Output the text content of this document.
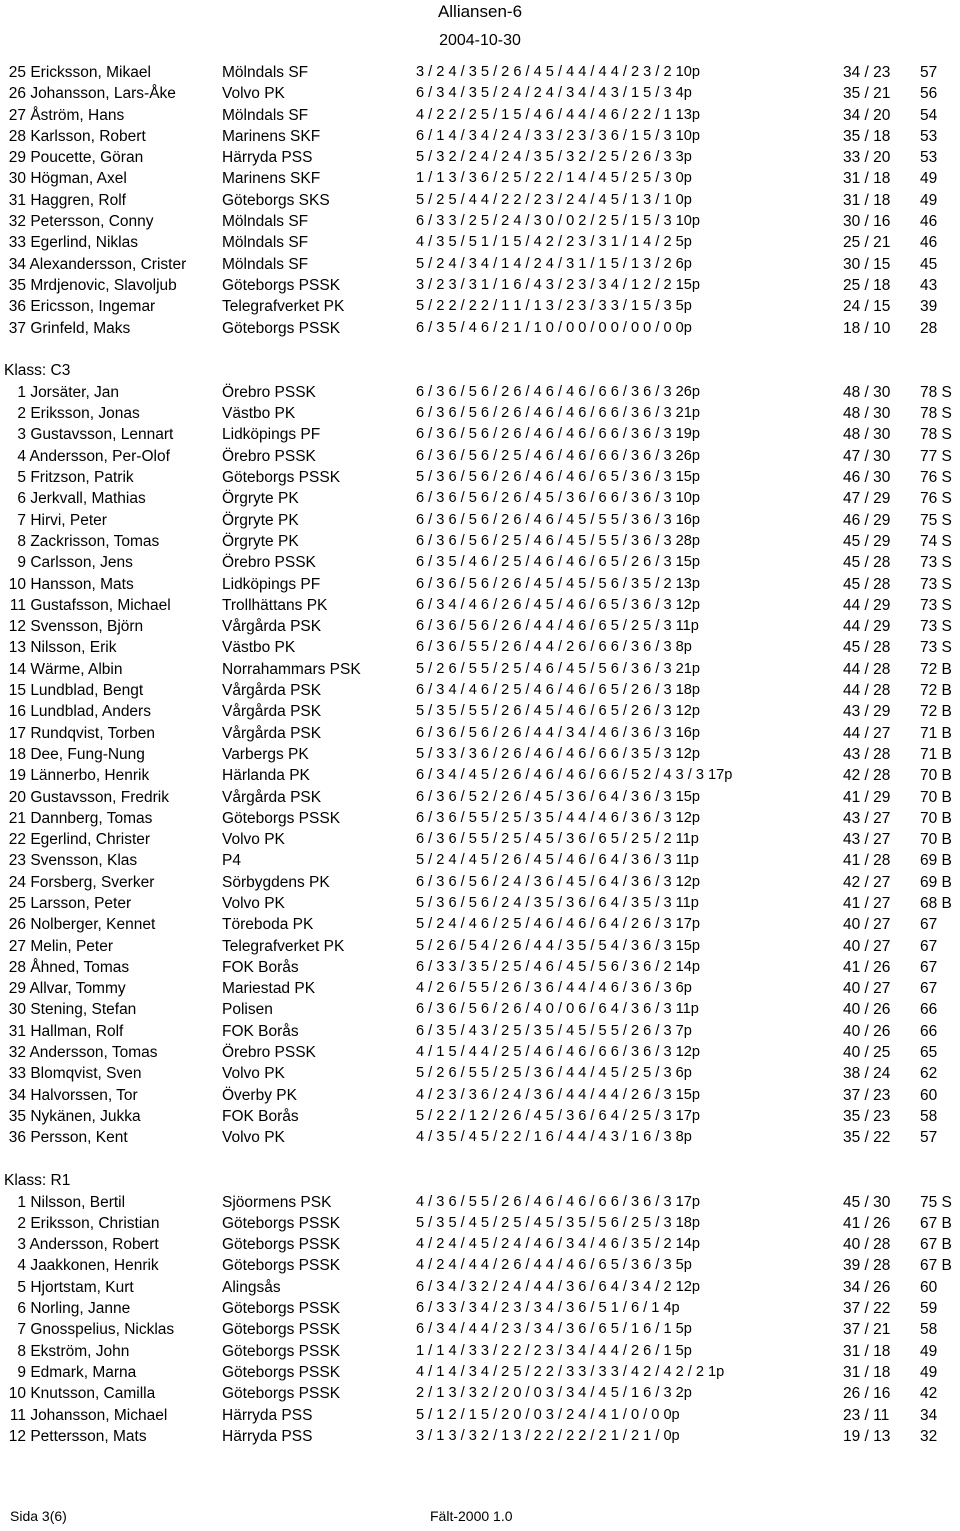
Alliansen-6
2004-10-30
25 Ericksson, Mikael	Mölndals SF	3 / 2 4 / 3 5 / 2 6 / 4 5 / 4 4 / 4 4 / 2 3 / 2 10p	34 / 23	57
26 Johansson, Lars-Åke	Volvo PK	6 / 3 4 / 3 5 / 2 4 / 2 4 / 3 4 / 4 3 / 1 5 / 3 4p	35 / 21	56
27 Åström, Hans	Mölndals SF	4 / 2 2 / 2 5 / 1 5 / 4 6 / 4 4 / 4 6 / 2 2 / 1 13p	34 / 20	54
28 Karlsson, Robert	Marinens SKF	6 / 1 4 / 3 4 / 2 4 / 3 3 / 2 3 / 3 6 / 1 5 / 3 10p	35 / 18	53
29 Poucette, Göran	Härryda PSS	5 / 3 2 / 2 4 / 2 4 / 3 5 / 3 2 / 2 5 / 2 6 / 3 3p	33 / 20	53
30 Högman, Axel	Marinens SKF	1 / 1 3 / 3 6 / 2 5 / 2 2 / 1 4 / 4 5 / 2 5 / 3 0p	31 / 18	49
31 Haggren, Rolf	Göteborgs SKS	5 / 2 5 / 4 4 / 2 2 / 2 3 / 2 4 / 4 5 / 1 3 / 1 0p	31 / 18	49
32 Petersson, Conny	Mölndals SF	6 / 3 3 / 2 5 / 2 4 / 3 0 / 0 2 / 2 5 / 1 5 / 3 10p	30 / 16	46
33 Egerlind, Niklas	Mölndals SF	4 / 3 5 / 5 1 / 1 5 / 4 2 / 2 3 / 3 1 / 1 4 / 2 5p	25 / 21	46
34 Alexandersson, Crister	Mölndals SF	5 / 2 4 / 3 4 / 1 4 / 2 4 / 3 1 / 1 5 / 1 3 / 2 6p	30 / 15	45
35 Mrdjenovic, Slavoljub	Göteborgs PSSK	3 / 2 3 / 3 1 / 1 6 / 4 3 / 2 3 / 3 4 / 1 2 / 2 15p	25 / 18	43
36 Ericsson, Ingemar	Telegrafverket PK	5 / 2 2 / 2 2 / 1 1 / 1 3 / 2 3 / 3 3 / 1 5 / 3 5p	24 / 15	39
37 Grinfeld, Maks	Göteborgs PSSK	6 / 3 5 / 4 6 / 2 1 / 1 0 / 0 0 / 0 0 / 0 0 / 0 0p	18 / 10	28
Klass: C3
1 Jorsäter, Jan	Örebro PSSK	6 / 3 6 / 5 6 / 2 6 / 4 6 / 4 6 / 6 6 / 3 6 / 3 26p	48 / 30	78 S
2 Eriksson, Jonas	Västbo PK	6 / 3 6 / 5 6 / 2 6 / 4 6 / 4 6 / 6 6 / 3 6 / 3 21p	48 / 30	78 S
3 Gustavsson, Lennart	Lidköpings PF	6 / 3 6 / 5 6 / 2 6 / 4 6 / 4 6 / 6 6 / 3 6 / 3 19p	48 / 30	78 S
4 Andersson, Per-Olof	Örebro PSSK	6 / 3 6 / 5 6 / 2 5 / 4 6 / 4 6 / 6 6 / 3 6 / 3 26p	47 / 30	77 S
5 Fritzson, Patrik	Göteborgs PSSK	5 / 3 6 / 5 6 / 2 6 / 4 6 / 4 6 / 6 5 / 3 6 / 3 15p	46 / 30	76 S
6 Jerkvall, Mathias	Örgryte PK	6 / 3 6 / 5 6 / 2 6 / 4 5 / 3 6 / 6 6 / 3 6 / 3 10p	47 / 29	76 S
7 Hirvi, Peter	Örgryte PK	6 / 3 6 / 5 6 / 2 6 / 4 6 / 4 5 / 5 5 / 3 6 / 3 16p	46 / 29	75 S
8 Zackrisson, Tomas	Örgryte PK	6 / 3 6 / 5 6 / 2 5 / 4 6 / 4 5 / 5 5 / 3 6 / 3 28p	45 / 29	74 S
9 Carlsson, Jens	Örebro PSSK	6 / 3 5 / 4 6 / 2 5 / 4 6 / 4 6 / 6 5 / 2 6 / 3 15p	45 / 28	73 S
10 Hansson, Mats	Lidköpings PF	6 / 3 6 / 5 6 / 2 6 / 4 5 / 4 5 / 5 6 / 3 5 / 2 13p	45 / 28	73 S
11 Gustafsson, Michael	Trollhättans PK	6 / 3 4 / 4 6 / 2 6 / 4 5 / 4 6 / 6 5 / 3 6 / 3 12p	44 / 29	73 S
12 Svensson, Björn	Vårgårda PSK	6 / 3 6 / 5 6 / 2 6 / 4 4 / 4 6 / 6 5 / 2 5 / 3 11p	44 / 29	73 S
13 Nilsson, Erik	Västbo PK	6 / 3 6 / 5 5 / 2 6 / 4 4 / 2 6 / 6 6 / 3 6 / 3 8p	45 / 28	73 S
14 Wärme, Albin	Norrahammars PSK	5 / 2 6 / 5 5 / 2 5 / 4 6 / 4 5 / 5 6 / 3 6 / 3 21p	44 / 28	72 B
15 Lundblad, Bengt	Vårgårda PSK	6 / 3 4 / 4 6 / 2 5 / 4 6 / 4 6 / 6 5 / 2 6 / 3 18p	44 / 28	72 B
16 Lundblad, Anders	Vårgårda PSK	5 / 3 5 / 5 5 / 2 6 / 4 5 / 4 6 / 6 5 / 2 6 / 3 12p	43 / 29	72 B
17 Rundqvist, Torben	Vårgårda PSK	6 / 3 6 / 5 6 / 2 6 / 4 4 / 3 4 / 4 6 / 3 6 / 3 16p	44 / 27	71 B
18 Dee, Fung-Nung	Varbergs PK	5 / 3 3 / 3 6 / 2 6 / 4 6 / 4 6 / 6 6 / 3 5 / 3 12p	43 / 28	71 B
19 Lännerbo, Henrik	Härlanda PK	6 / 3 4 / 4 5 / 2 6 / 4 6 / 4 6 / 6 6 / 5 2 / 4 3 / 3 17p	42 / 28	70 B
20 Gustavsson, Fredrik	Vårgårda PSK	6 / 3 6 / 5 2 / 2 6 / 4 5 / 3 6 / 6 4 / 3 6 / 3 15p	41 / 29	70 B
21 Dannberg, Tomas	Göteborgs PSSK	6 / 3 6 / 5 5 / 2 5 / 3 5 / 4 4 / 4 6 / 3 6 / 3 12p	43 / 27	70 B
22 Egerlind, Christer	Volvo PK	6 / 3 6 / 5 5 / 2 5 / 4 5 / 3 6 / 6 5 / 2 5 / 2 11p	43 / 27	70 B
23 Svensson, Klas	P4	5 / 2 4 / 4 5 / 2 6 / 4 5 / 4 6 / 6 4 / 3 6 / 3 11p	41 / 28	69 B
24 Forsberg, Sverker	Sörbygdens PK	6 / 3 6 / 5 6 / 2 4 / 3 6 / 4 5 / 6 4 / 3 6 / 3 12p	42 / 27	69 B
25 Larsson, Peter	Volvo PK	5 / 3 6 / 5 6 / 2 4 / 3 5 / 3 6 / 6 4 / 3 5 / 3 11p	41 / 27	68 B
26 Nolberger, Kennet	Töreboda PK	5 / 2 4 / 4 6 / 2 5 / 4 6 / 4 6 / 6 4 / 2 6 / 3 17p	40 / 27	67
27 Melin, Peter	Telegrafverket PK	5 / 2 6 / 5 4 / 2 6 / 4 4 / 3 5 / 5 4 / 3 6 / 3 15p	40 / 27	67
28 Åhned, Tomas	FOK Borås	6 / 3 3 / 3 5 / 2 5 / 4 6 / 4 5 / 5 6 / 3 6 / 2 14p	41 / 26	67
29 Allvar, Tommy	Mariestad PK	4 / 2 6 / 5 5 / 2 6 / 3 6 / 4 4 / 4 6 / 3 6 / 3 6p	40 / 27	67
30 Stening, Stefan	Polisen	6 / 3 6 / 5 6 / 2 6 / 4 0 / 0 6 / 6 4 / 3 6 / 3 11p	40 / 26	66
31 Hallman, Rolf	FOK Borås	6 / 3 5 / 4 3 / 2 5 / 3 5 / 4 5 / 5 5 / 2 6 / 3 7p	40 / 26	66
32 Andersson, Tomas	Örebro PSSK	4 / 1 5 / 4 4 / 2 5 / 4 6 / 4 6 / 6 6 / 3 6 / 3 12p	40 / 25	65
33 Blomqvist, Sven	Volvo PK	5 / 2 6 / 5 5 / 2 5 / 3 6 / 4 4 / 4 5 / 2 5 / 3 6p	38 / 24	62
34 Halvorssen, Tor	Överby PK	4 / 2 3 / 3 6 / 2 4 / 3 6 / 4 4 / 4 4 / 2 6 / 3 15p	37 / 23	60
35 Nykänen, Jukka	FOK Borås	5 / 2 2 / 1 2 / 2 6 / 4 5 / 3 6 / 6 4 / 2 5 / 3 17p	35 / 23	58
36 Persson, Kent	Volvo PK	4 / 3 5 / 4 5 / 2 2 / 1 6 / 4 4 / 4 3 / 1 6 / 3 8p	35 / 22	57
Klass: R1
1 Nilsson, Bertil	Sjöormens PSK	4 / 3 6 / 5 5 / 2 6 / 4 6 / 4 6 / 6 6 / 3 6 / 3 17p	45 / 30	75 S
2 Eriksson, Christian	Göteborgs PSSK	5 / 3 5 / 4 5 / 2 5 / 4 5 / 3 5 / 5 6 / 2 5 / 3 18p	41 / 26	67 B
3 Andersson, Robert	Göteborgs PSSK	4 / 2 4 / 4 5 / 2 4 / 4 6 / 3 4 / 4 6 / 3 5 / 2 14p	40 / 28	67 B
4 Jaakkonen, Henrik	Göteborgs PSSK	4 / 2 4 / 4 4 / 2 6 / 4 4 / 4 6 / 6 5 / 3 6 / 3 5p	39 / 28	67 B
5 Hjortstam, Kurt	Alingsås	6 / 3 4 / 3 2 / 2 4 / 4 4 / 3 6 / 6 4 / 3 4 / 2 12p	34 / 26	60
6 Norling, Janne	Göteborgs PSSK	6 / 3 3 / 3 4 / 2 3 / 3 4 / 3 6 / 5 1 / 6 / 1 4p	37 / 22	59
7 Gnosspelius, Nicklas	Göteborgs PSSK	6 / 3 4 / 4 4 / 2 3 / 3 4 / 3 6 / 6 5 / 1 6 / 1 5p	37 / 21	58
8 Ekström, John	Göteborgs PSSK	1 / 1 4 / 3 3 / 2 2 / 2 3 / 3 4 / 4 4 / 2 6 / 1 5p	31 / 18	49
9 Edmark, Marna	Göteborgs PSSK	4 / 1 4 / 3 4 / 2 5 / 2 2 / 3 3 / 3 3 / 4 2 / 4 2 / 2 1p	31 / 18	49
10 Knutsson, Camilla	Göteborgs PSSK	2 / 1 3 / 3 2 / 2 0 / 0 3 / 3 4 / 4 5 / 1 6 / 3 2p	26 / 16	42
11 Johansson, Michael	Härryda PSS	5 / 1 2 / 1 5 / 2 0 / 0 3 / 2 4 / 4 1 / 0 / 0 0p	23 / 11	34
12 Pettersson, Mats	Härryda PSS	3 / 1 3 / 3 2 / 1 3 / 2 2 / 2 2 / 2 1 / 2 1 / 0p	19 / 13	32
Sida 3(6)	Fält-2000 1.0
